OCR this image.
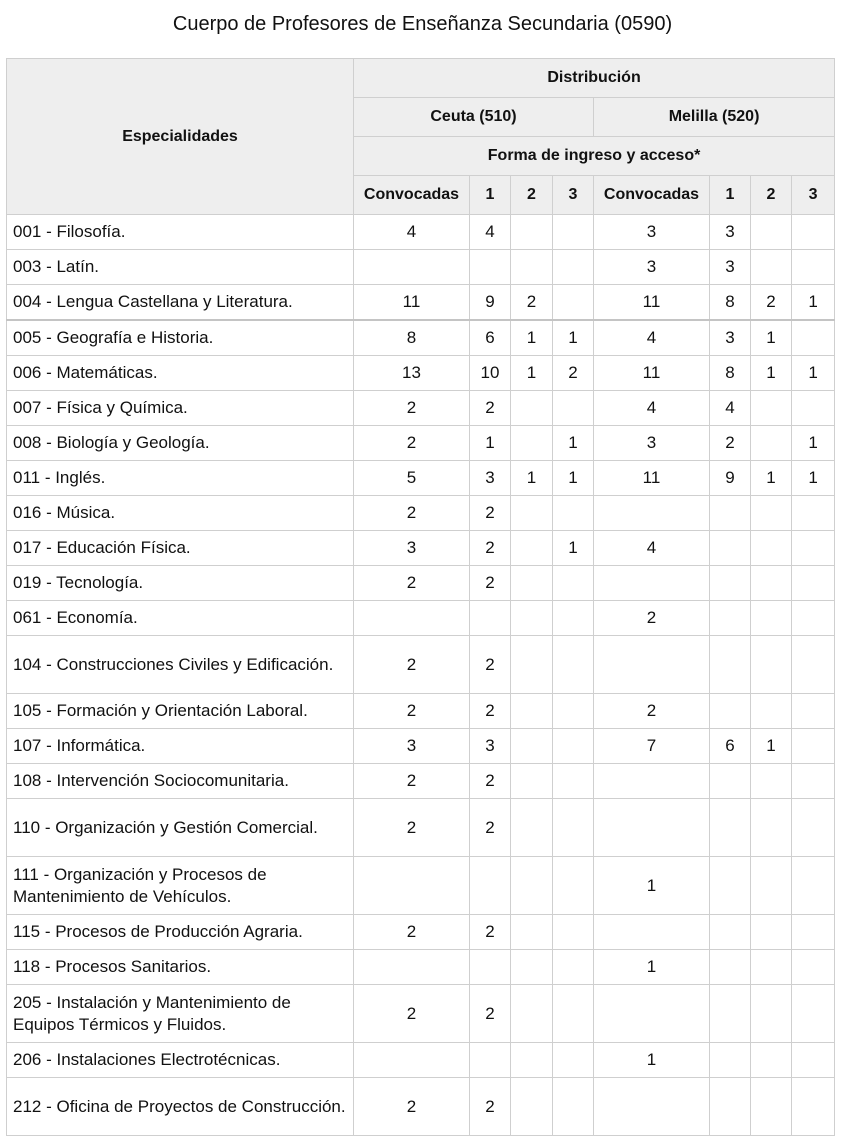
Cuerpo de Profesores de Enseñanza Secundaria (0590)
Especialidades	Distribución							
	Ceuta (510)				Melilla (520)			
	Forma de ingreso y acceso*							
	Convocadas	1	2	3	Convocadas	1	2	3
001 - Filosofía.	4	4			3	3		
003 - Latín.					3	3		
004 - Lengua Castellana y Literatura.	11	9	2		11	8	2	1
005 - Geografía e Historia.	8	6	1	1	4	3	1	
006 - Matemáticas.	13	10	1	2	11	8	1	1
007 - Física y Química.	2	2			4	4		
008 - Biología y Geología.	2	1		1	3	2		1
011 - Inglés.	5	3	1	1	11	9	1	1
016 - Música.	2	2						
017 - Educación Física.	3	2		1	4			
019 - Tecnología.	2	2						
061 - Economía.					2			
104 - Construcciones Civiles y Edificación.	2	2						
105 - Formación y Orientación Laboral.	2	2			2			
107 - Informática.	3	3			7	6	1	
108 - Intervención Sociocomunitaria.	2	2						
110 - Organización y Gestión Comercial.	2	2						
111 - Organización y Procesos de Mantenimiento de Vehículos.					1			
115 - Procesos de Producción Agraria.	2	2						
118 - Procesos Sanitarios.					1			
205 - Instalación y Mantenimiento de Equipos Térmicos y Fluidos.	2	2						
206 - Instalaciones Electrotécnicas.					1			
212 - Oficina de Proyectos de Construcción.	2	2						
